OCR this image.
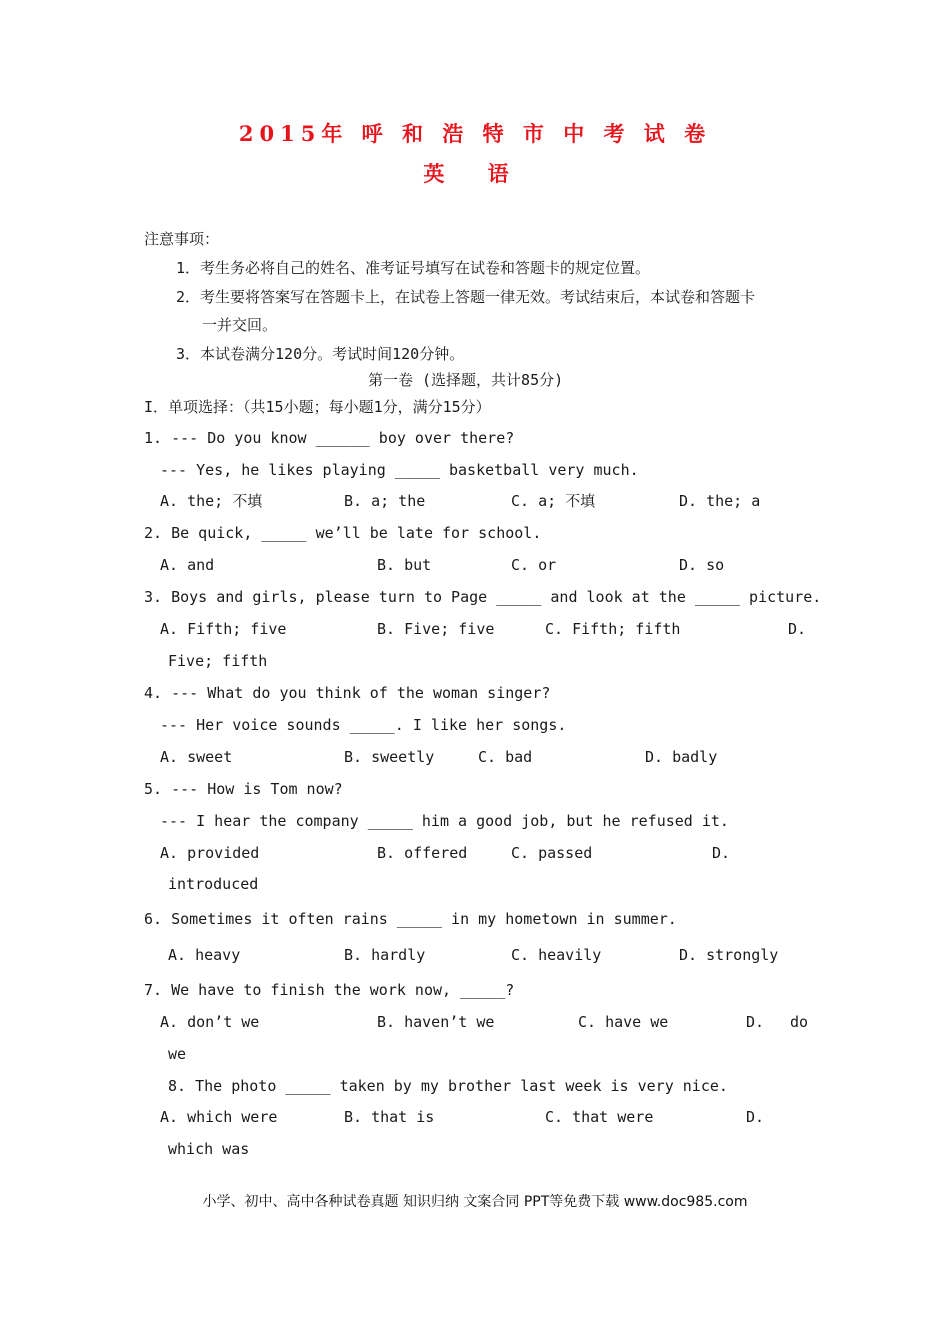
2015年 呼 和 浩 特 市 中 考 试 卷
英 语
注意事项：
1．考生务必将自己的姓名、准考证号填写在试卷和答题卡的规定位置。
2．考生要将答案写在答题卡上，在试卷上答题一律无效。考试结束后，本试卷和答题卡
一并交回。
3．本试卷满分120分。考试时间120分钟。
第一卷 (选择题，共计85分)
I．单项选择：（共15小题；每小题1分，满分15分）
1. --- Do you know ______ boy over there?
--- Yes, he likes playing _____ basketball very much.
A. the; 不填	B. a; the	C. a; 不填	D. the; a
2. Be quick, _____ we’ll be late for school.
A. and	B. but	C. or	D. so
3. Boys and girls, please turn to Page _____ and look at the _____ picture.
A. Fifth; five	B. Five; five	C. Fifth; fifth	D.
Five; fifth
4. --- What do you think of the woman singer?
--- Her voice sounds _____. I like her songs.
A. sweet	B. sweetly	C. bad	D. badly
5. --- How is Tom now?
--- I hear the company _____ him a good job, but he refused it.
A. provided	B. offered	C. passed	D.
introduced
6. Sometimes it often rains _____ in my hometown in summer.
A. heavy	B. hardly	C. heavily	D. strongly
7. We have to finish the work now, _____?
A. don’t we	B. haven’t we	C. have we	D. do
we
8. The photo _____ taken by my brother last week is very nice.
A. which were	B. that is	C. that were	D.
which was
小学、初中、高中各种试卷真题 知识归纳 文案合同 PPT等免费下载 www.doc985.com
